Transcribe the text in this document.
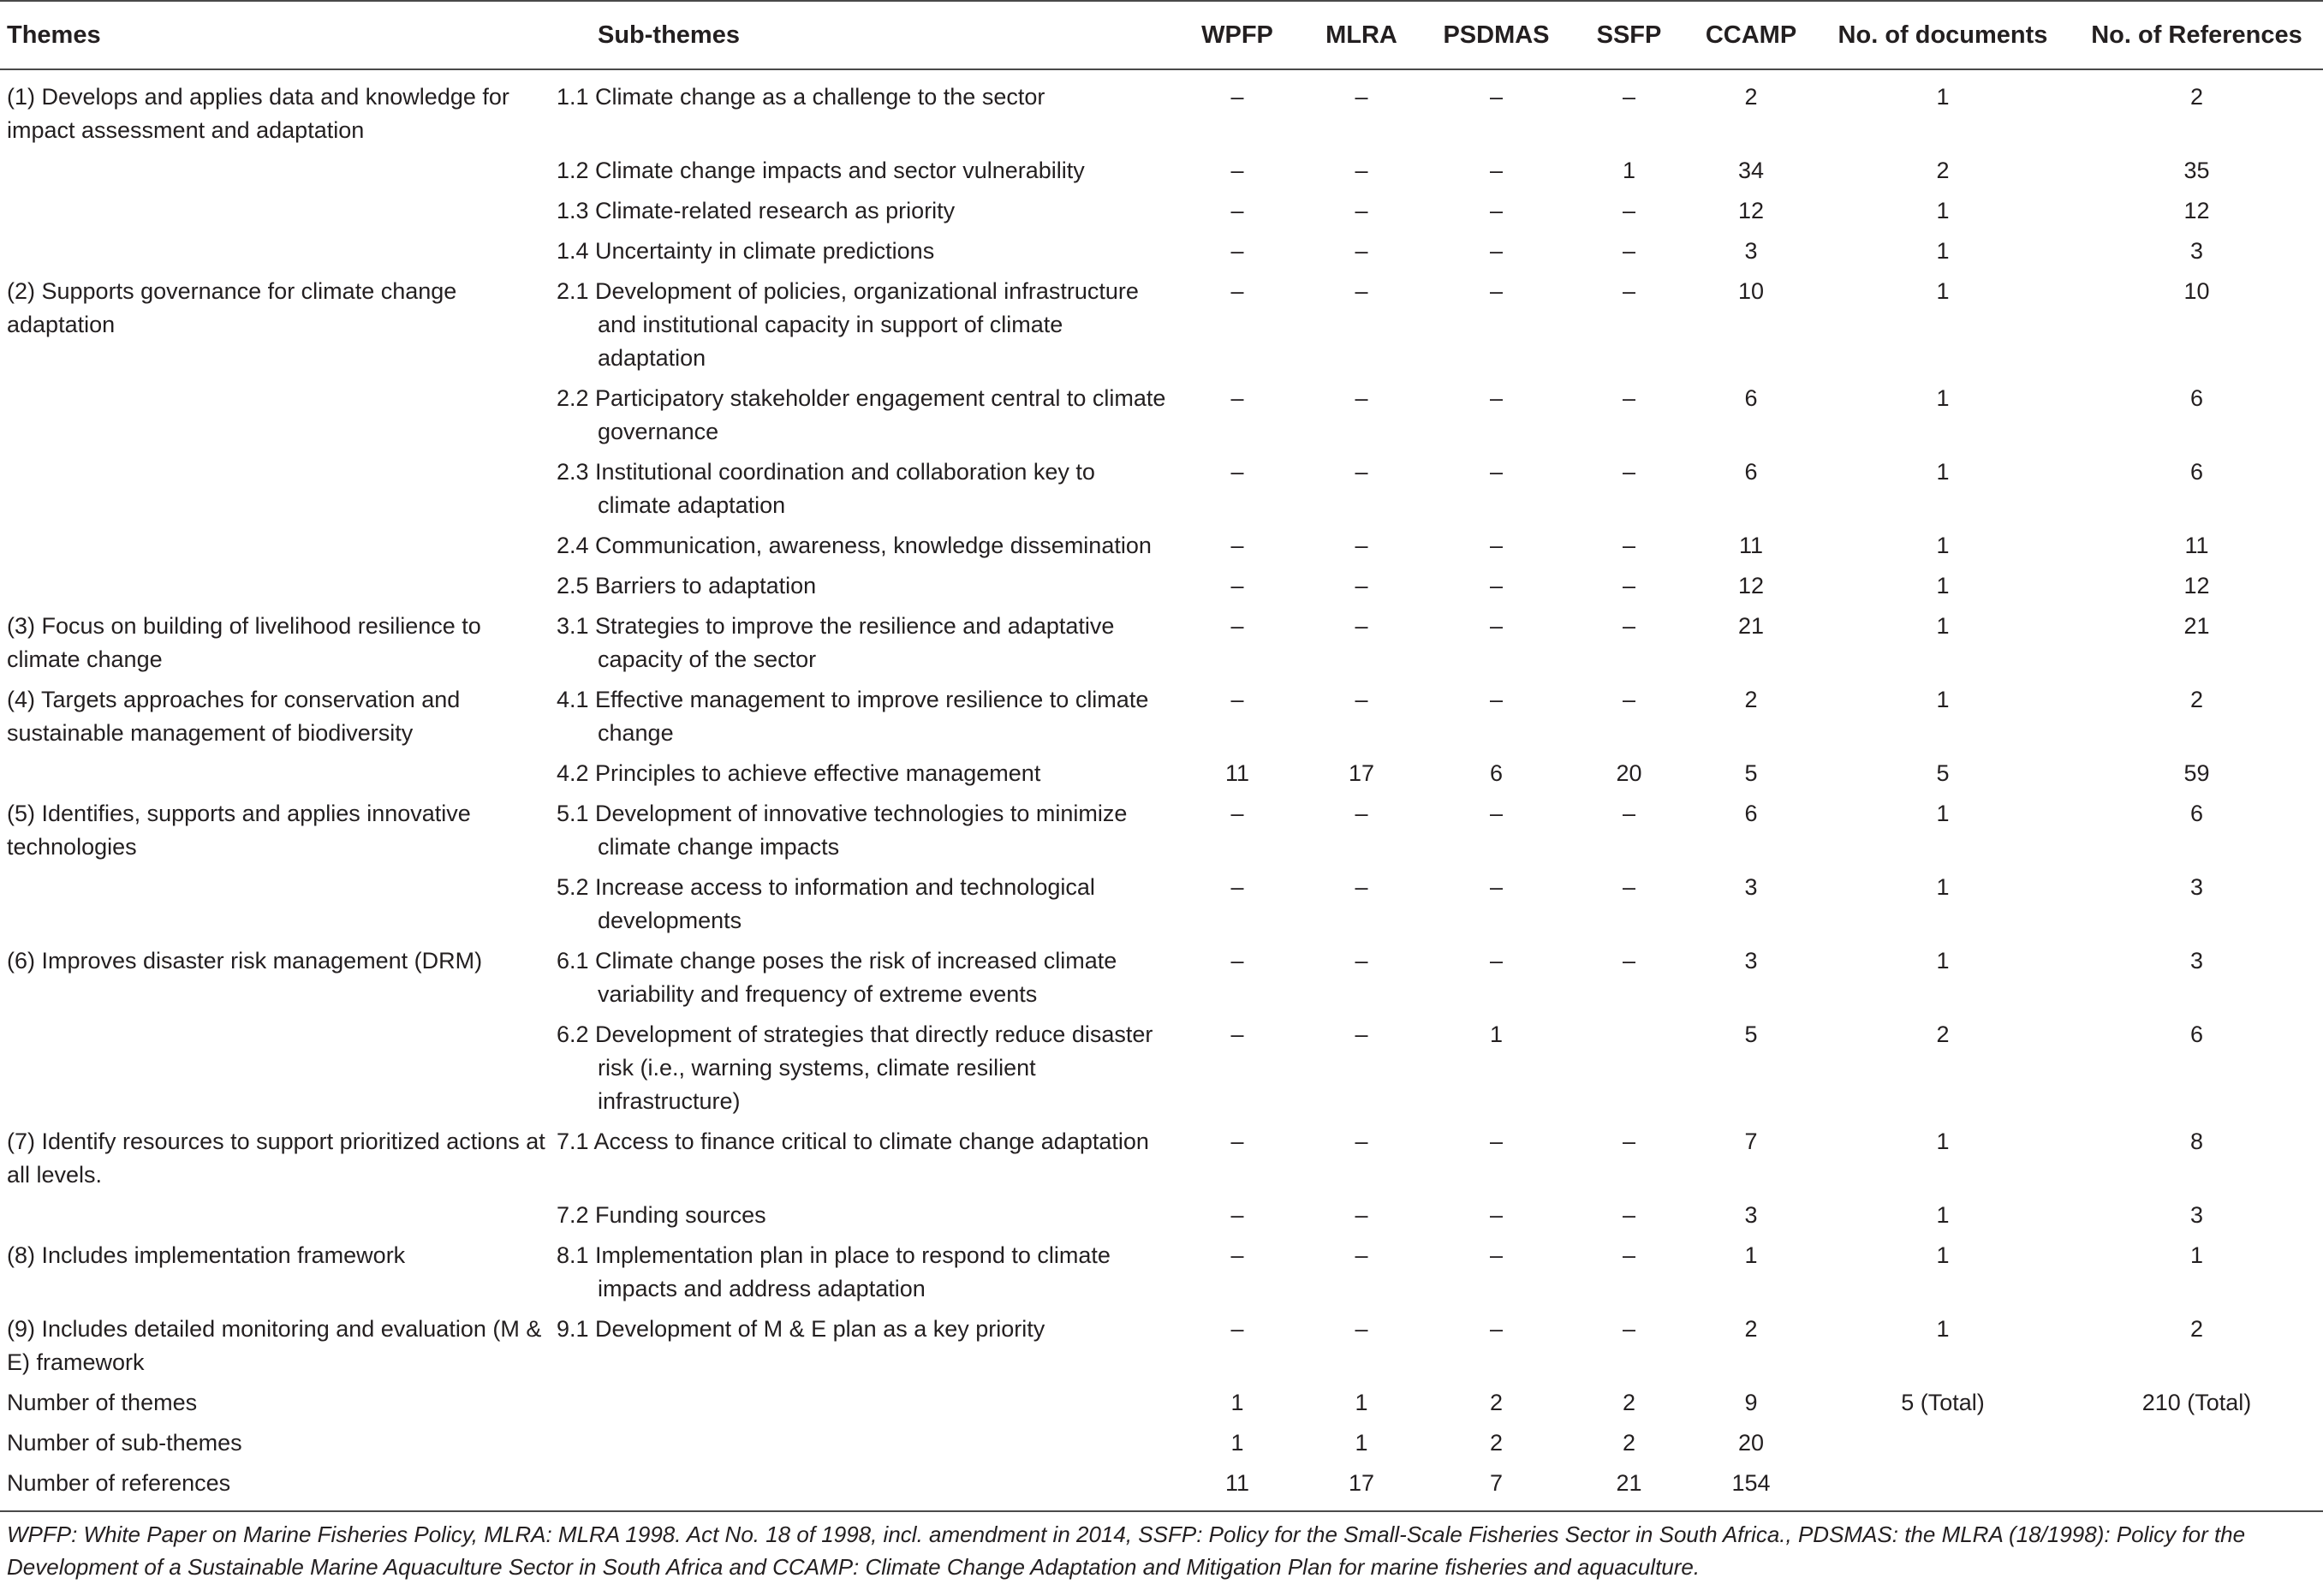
Themes	Sub-themes	WPFP	MLRA	PSDMAS	SSFP	CCAMP	No. of documents	No. of References
(1) Develops and applies data and knowledge for impact assessment and adaptation	1.1 Climate change as a challenge to the sector	–	–	–	–	2	1	2
	1.2 Climate change impacts and sector vulnerability	–	–	–	1	34	2	35
	1.3 Climate-related research as priority	–	–	–	–	12	1	12
	1.4 Uncertainty in climate predictions	–	–	–	–	3	1	3
(2) Supports governance for climate change adaptation	2.1 Development of policies, organizational infrastructure and institutional capacity in support of climate adaptation	–	–	–	–	10	1	10
	2.2 Participatory stakeholder engagement central to climate governance	–	–	–	–	6	1	6
	2.3 Institutional coordination and collaboration key to climate adaptation	–	–	–	–	6	1	6
	2.4 Communication, awareness, knowledge dissemination	–	–	–	–	11	1	11
	2.5 Barriers to adaptation	–	–	–	–	12	1	12
(3) Focus on building of livelihood resilience to climate change	3.1 Strategies to improve the resilience and adaptative capacity of the sector	–	–	–	–	21	1	21
(4) Targets approaches for conservation and sustainable management of biodiversity	4.1 Effective management to improve resilience to climate change	–	–	–	–	2	1	2
	4.2 Principles to achieve effective management	11	17	6	20	5	5	59
(5) Identifies, supports and applies innovative technologies	5.1 Development of innovative technologies to minimize climate change impacts	–	–	–	–	6	1	6
	5.2 Increase access to information and technological developments	–	–	–	–	3	1	3
(6) Improves disaster risk management (DRM)	6.1 Climate change poses the risk of increased climate variability and frequency of extreme events	–	–	–	–	3	1	3
	6.2 Development of strategies that directly reduce disaster risk (i.e., warning systems, climate resilient infrastructure)	–	–	1		5	2	6
(7) Identify resources to support prioritized actions at all levels.	7.1 Access to finance critical to climate change adaptation	–	–	–	–	7	1	8
	7.2 Funding sources	–	–	–	–	3	1	3
(8) Includes implementation framework	8.1 Implementation plan in place to respond to climate impacts and address adaptation	–	–	–	–	1	1	1
(9) Includes detailed monitoring and evaluation (M & E) framework	9.1 Development of M & E plan as a key priority	–	–	–	–	2	1	2
Number of themes		1	1	2	2	9	5 (Total)	210 (Total)
Number of sub-themes		1	1	2	2	20		
Number of references		11	17	7	21	154		
WPFP: White Paper on Marine Fisheries Policy, MLRA: MLRA 1998. Act No. 18 of 1998, incl. amendment in 2014, SSFP: Policy for the Small-Scale Fisheries Sector in South Africa., PDSMAS: the MLRA (18/1998): Policy for the Development of a Sustainable Marine Aquaculture Sector in South Africa and CCAMP: Climate Change Adaptation and Mitigation Plan for marine fisheries and aquaculture.
